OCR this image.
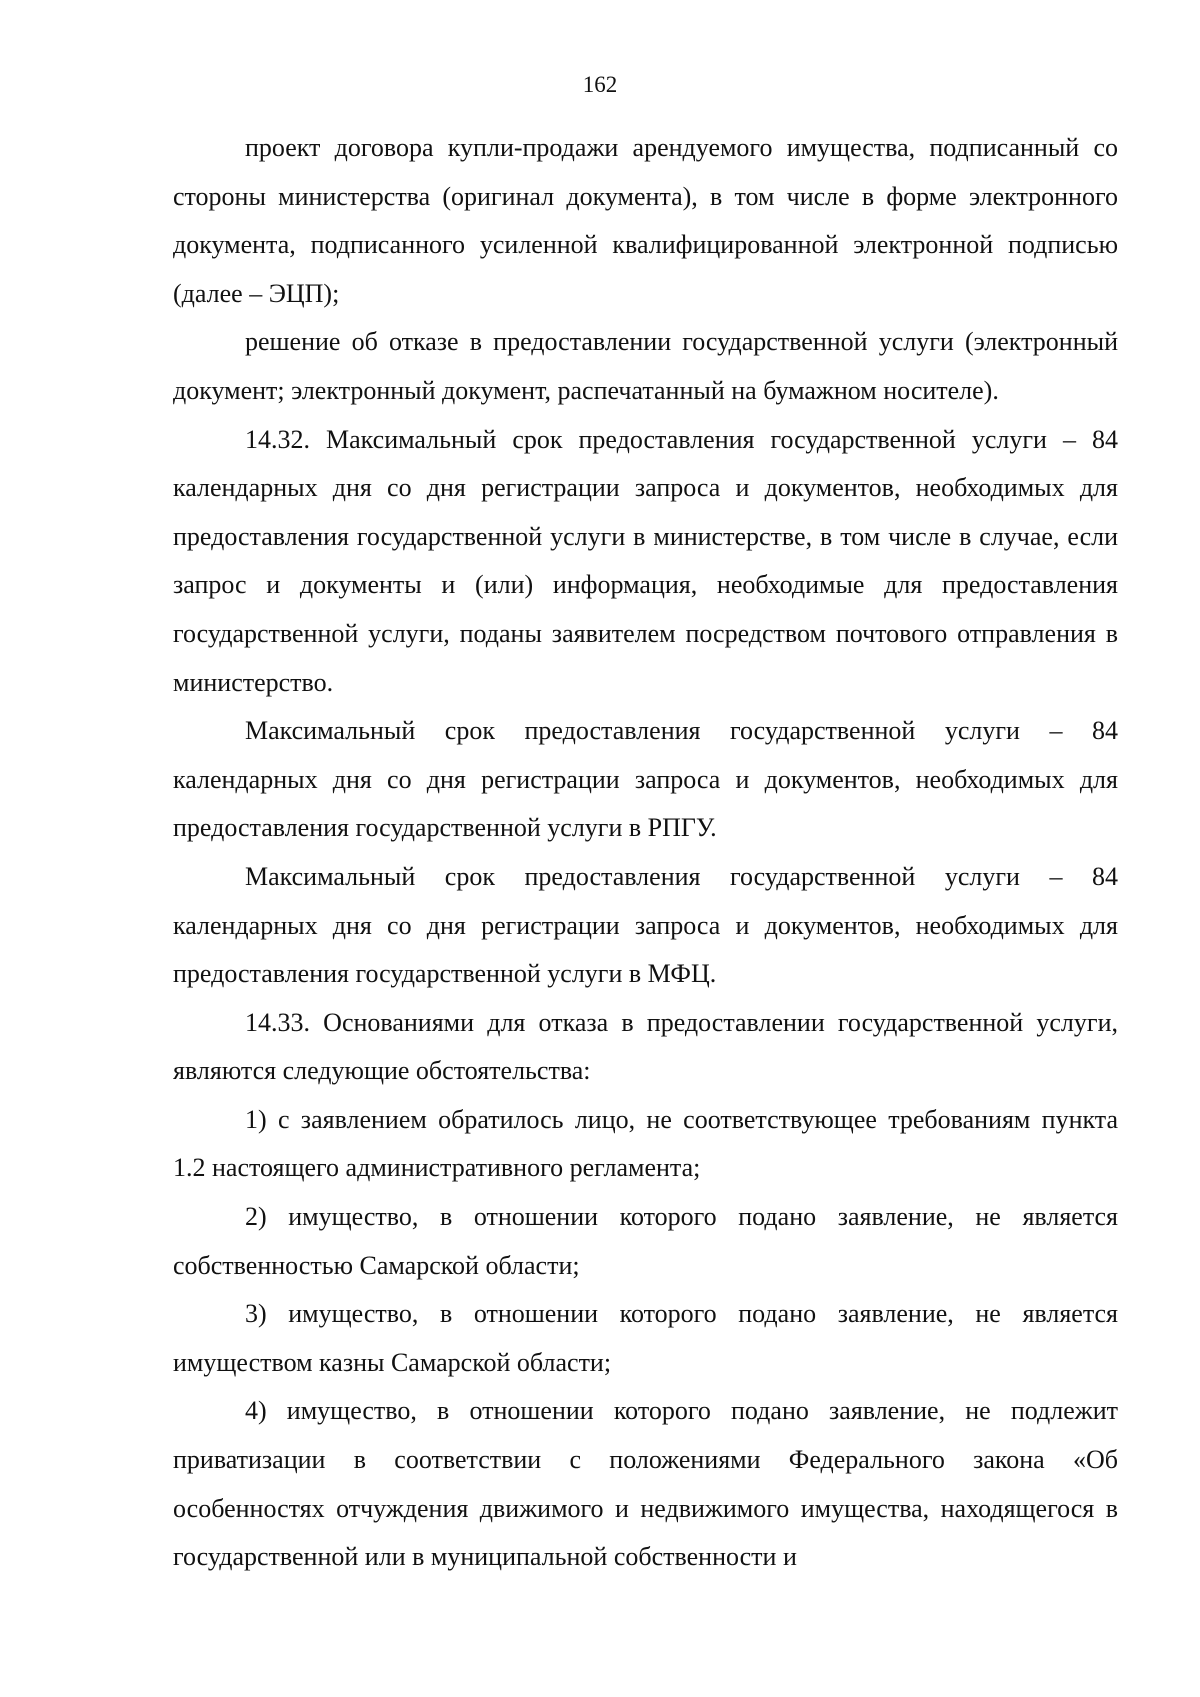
162

проект договора купли-продажи арендуемого имущества, подписанный со стороны министерства (оригинал документа), в том числе в форме электронного документа, подписанного усиленной квалифицированной электронной подписью (далее – ЭЦП);

решение об отказе в предоставлении государственной услуги (электронный документ; электронный документ, распечатанный на бумажном носителе).

14.32. Максимальный срок предоставления государственной услуги – 84 календарных дня со дня регистрации запроса и документов, необходимых для предоставления государственной услуги в министерстве, в том числе в случае, если запрос и документы и (или) информация, необходимые для предоставления государственной услуги, поданы заявителем посредством почтового отправления в министерство.

Максимальный срок предоставления государственной услуги – 84 календарных дня со дня регистрации запроса и документов, необходимых для предоставления государственной услуги в РПГУ.

Максимальный срок предоставления государственной услуги – 84 календарных дня со дня регистрации запроса и документов, необходимых для предоставления государственной услуги в МФЦ.

14.33. Основаниями для отказа в предоставлении государственной услуги, являются следующие обстоятельства:

1) с заявлением обратилось лицо, не соответствующее требованиям пункта 1.2 настоящего административного регламента;

2) имущество, в отношении которого подано заявление, не является собственностью Самарской области;

3) имущество, в отношении которого подано заявление, не является имуществом казны Самарской области;

4) имущество, в отношении которого подано заявление, не подлежит приватизации в соответствии с положениями Федерального закона «Об особенностях отчуждения движимого и недвижимого имущества, находящегося в государственной или в муниципальной собственности и
